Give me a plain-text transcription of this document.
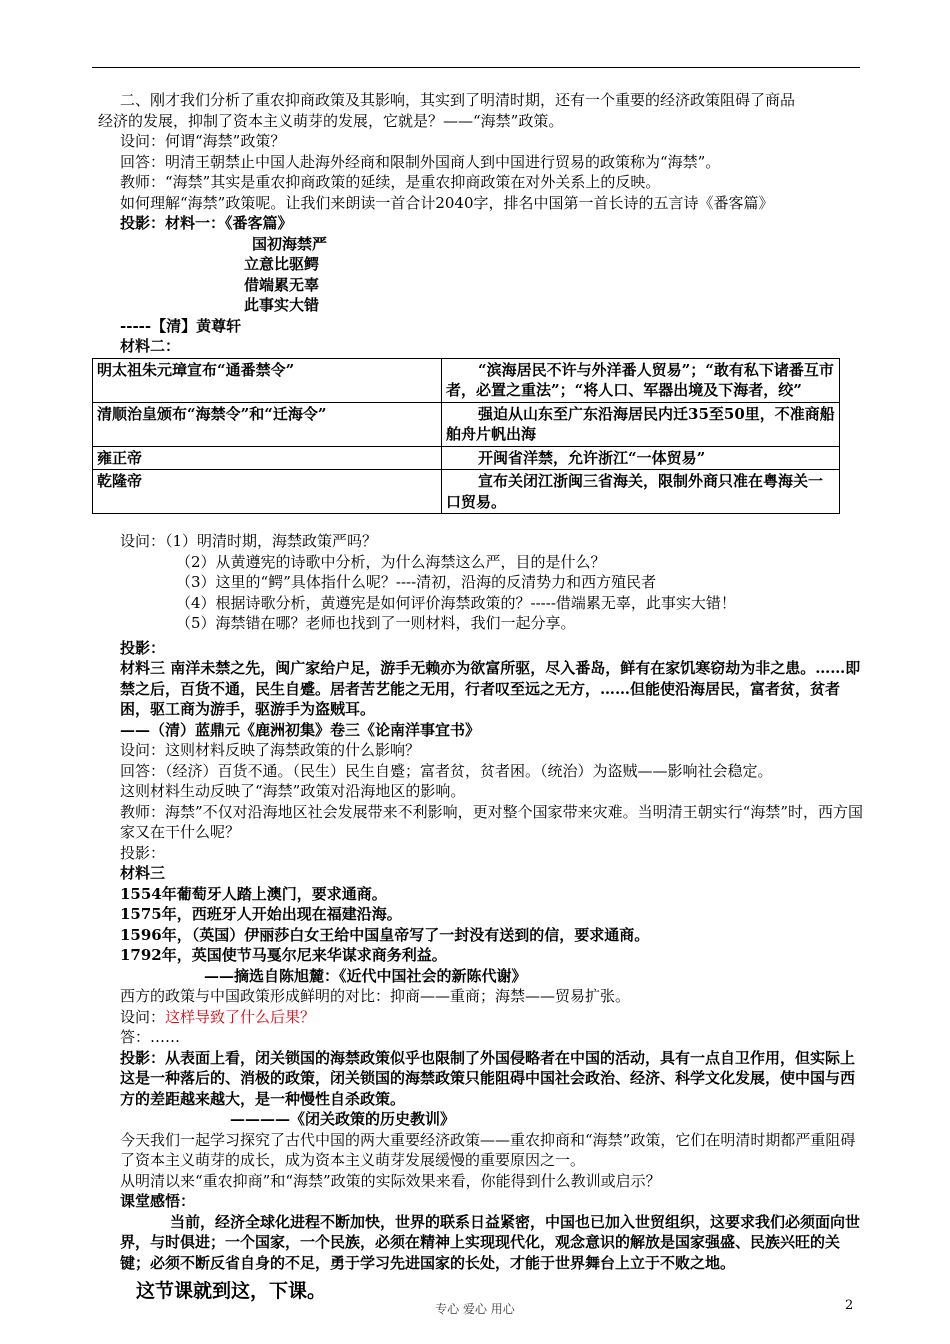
二、刚才我们分析了重农抑商政策及其影响，其实到了明清时期，还有一个重要的经济政策阻碍了商品

经济的发展，抑制了资本主义萌芽的发展，它就是？——“海禁”政策。

设问：何谓“海禁”政策？

回答：明清王朝禁止中国人赴海外经商和限制外国商人到中国进行贸易的政策称为“海禁”。

教师：“海禁”其实是重农抑商政策的延续，是重农抑商政策在对外关系上的反映。

如何理解“海禁”政策呢。让我们来朗读一首合计2040字，排名中国第一首长诗的五言诗《番客篇》

投影：材料一：《番客篇》

国初海禁严

立意比驱鳄

借端累无辜

此事实大错

-----【清】黄尊轩

材料二：

明太祖朱元璋宣布“通番禁令”	“滨海居民不许与外洋番人贸易”；“敢有私下诸番互市者，必置之重法”；“将人口、军器出境及下海者，绞”
清顺治皇颁布“海禁令”和“迁海令”	强迫从山东至广东沿海居民内迁35至50里，不准商船舶舟片帆出海
雍正帝	开闽省洋禁，允许浙江“一体贸易”
乾隆帝	宣布关闭江浙闽三省海关，限制外商只准在粤海关一口贸易。

设问：（1）明清时期，海禁政策严吗？

（2）从黄遵宪的诗歌中分析，为什么海禁这么严，目的是什么？

（3）这里的“鳄”具体指什么呢？----清初，沿海的反清势力和西方殖民者

（4）根据诗歌分析，黄遵宪是如何评价海禁政策的？-----借端累无辜，此事实大错！

（5）海禁错在哪？老师也找到了一则材料，我们一起分享。

投影：

材料三 南洋未禁之先，闽广家给户足，游手无赖亦为欲富所驱，尽入番岛，鲜有在家饥寒窃劫为非之患。……即禁之后，百货不通，民生自蹙。居者苦艺能之无用，行者叹至远之无方，……但能使沿海居民，富者贫，贫者困，驱工商为游手，驱游手为盗贼耳。

——（清）蓝鼎元《鹿洲初集》卷三《论南洋事宜书》

设问：这则材料反映了海禁政策的什么影响？

回答：（经济）百货不通。（民生）民生自蹙；富者贫，贫者困。（统治）为盗贼——影响社会稳定。

这则材料生动反映了“海禁”政策对沿海地区的影响。

教师：海禁”不仅对沿海地区社会发展带来不利影响，更对整个国家带来灾难。当明清王朝实行“海禁”时，西方国家又在干什么呢？

投影：

材料三

1554年葡萄牙人踏上澳门，要求通商。

1575年，西班牙人开始出现在福建沿海。

1596年，（英国）伊丽莎白女王给中国皇帝写了一封没有送到的信，要求通商。

1792年，英国使节马戛尔尼来华谋求商务利益。

——摘选自陈旭麓：《近代中国社会的新陈代谢》

西方的政策与中国政策形成鲜明的对比：抑商——重商；海禁——贸易扩张。

设问：这样导致了什么后果？

答：……

投影：从表面上看，闭关锁国的海禁政策似乎也限制了外国侵略者在中国的活动，具有一点自卫作用，但实际上这是一种落后的、消极的政策，闭关锁国的海禁政策只能阻碍中国社会政治、经济、科学文化发展，使中国与西方的差距越来越大，是一种慢性自杀政策。

————《闭关政策的历史教训》

今天我们一起学习探究了古代中国的两大重要经济政策——重农抑商和“海禁”政策，它们在明清时期都严重阻碍了资本主义萌芽的成长，成为资本主义萌芽发展缓慢的重要原因之一。

从明清以来“重农抑商”和“海禁”政策的实际效果来看，你能得到什么教训或启示？

课堂感悟：

当前，经济全球化进程不断加快，世界的联系日益紧密，中国也已加入世贸组织，这要求我们必须面向世界，与时俱进；一个国家，一个民族，必须在精神上实现现代化，观念意识的解放是国家强盛、民族兴旺的关键；必须不断反省自身的不足，勇于学习先进国家的长处，才能于世界舞台上立于不败之地。

这节课就到这，下课。

专心 爱心 用心	2
